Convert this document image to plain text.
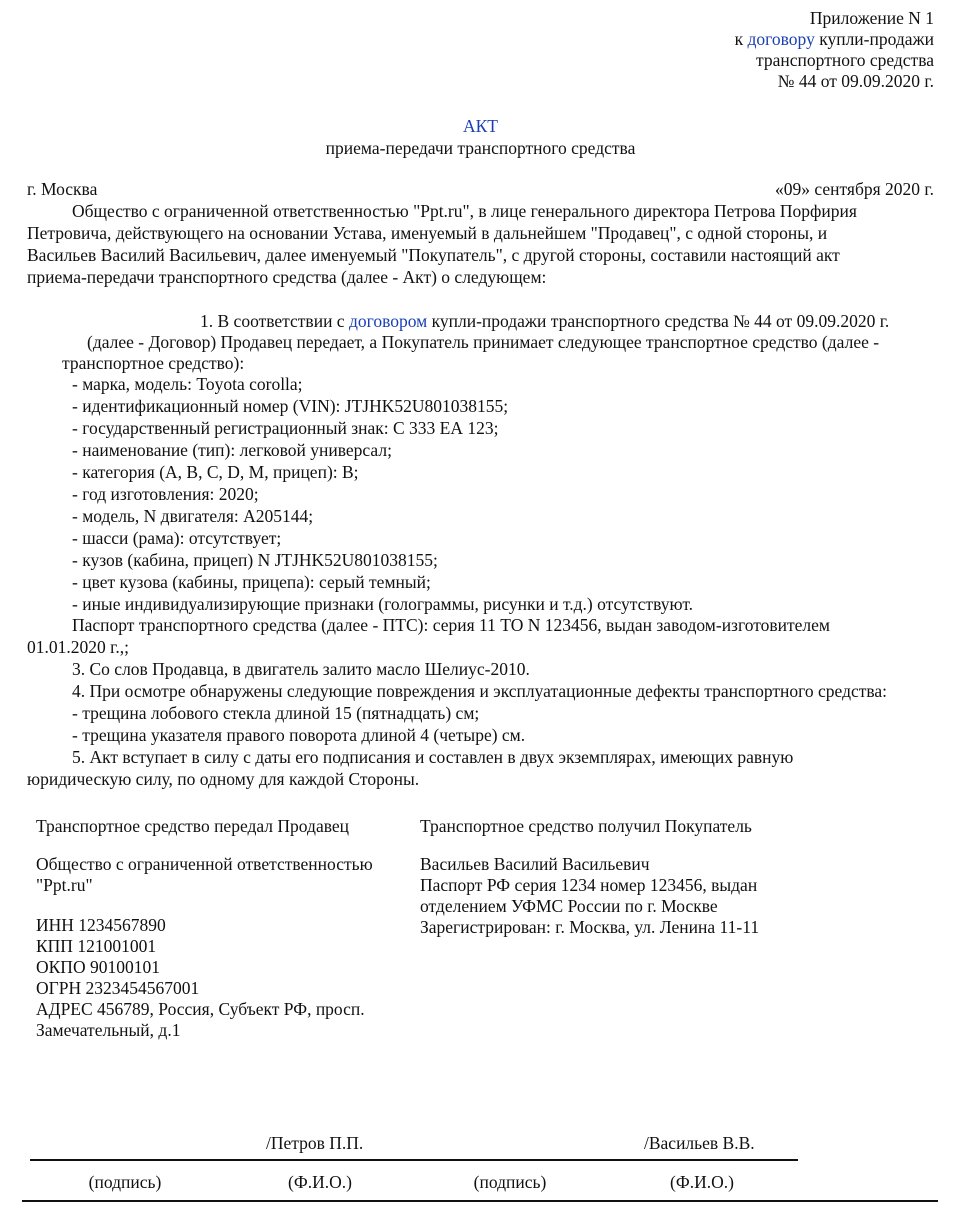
Приложение N 1
к договору купли-продажи
транспортного средства
№ 44 от 09.09.2020 г.
АКТ
приема-передачи транспортного средства
г. Москва	«09» сентября 2020 г.
Общество с ограниченной ответственностью "Ppt.ru", в лице генерального директора Петрова Порфирия
Петровича, действующего на основании Устава, именуемый в дальнейшем "Продавец", с одной стороны, и
Васильев Василий Васильевич, далее именуемый "Покупатель", с другой стороны, составили настоящий акт
приема-передачи транспортного средства (далее - Акт) о следующем:
1. В соответствии с договором купли-продажи транспортного средства № 44 от 09.09.2020 г.
(далее - Договор) Продавец передает, а Покупатель принимает следующее транспортное средство (далее -
транспортное средство):
- марка, модель: Toyota corolla;
- идентификационный номер (VIN): JTJHK52U801038155;
- государственный регистрационный знак: С 333 ЕА 123;
- наименование (тип): легковой универсал;
- категория (A, B, C, D, M, прицеп): B;
- год изготовления: 2020;
- модель, N двигателя: A205144;
- шасси (рама): отсутствует;
- кузов (кабина, прицеп) N JTJHK52U801038155;
- цвет кузова (кабины, прицепа): серый темный;
- иные индивидуализирующие признаки (голограммы, рисунки и т.д.) отсутствуют.
Паспорт транспортного средства (далее - ПТС): серия 11 ТО N 123456, выдан заводом-изготовителем
01.01.2020 г.,;
3. Со слов Продавца, в двигатель залито масло Шелиус-2010.
4. При осмотре обнаружены следующие повреждения и эксплуатационные дефекты транспортного средства:
- трещина лобового стекла длиной 15 (пятнадцать) см;
- трещина указателя правого поворота длиной 4 (четыре) см.
5. Акт вступает в силу с даты его подписания и составлен в двух экземплярах, имеющих равную
юридическую силу, по одному для каждой Стороны.
Транспортное средство передал Продавец
Общество с ограниченной ответственностью
"Ppt.ru"
ИНН 1234567890
КПП 121001001
ОКПО 90100101
ОГРН 2323454567001
АДРЕС 456789, Россия, Субъект РФ, просп.
Замечательный, д.1
Транспортное средство получил Покупатель
Васильев Василий Васильевич
Паспорт РФ серия 1234 номер 123456, выдан
отделением УФМС России по г. Москве
Зарегистрирован: г. Москва, ул. Ленина 11-11
/Петров П.П.	/Васильев В.В.
(подпись)	(Ф.И.О.)	(подпись)	(Ф.И.О.)
